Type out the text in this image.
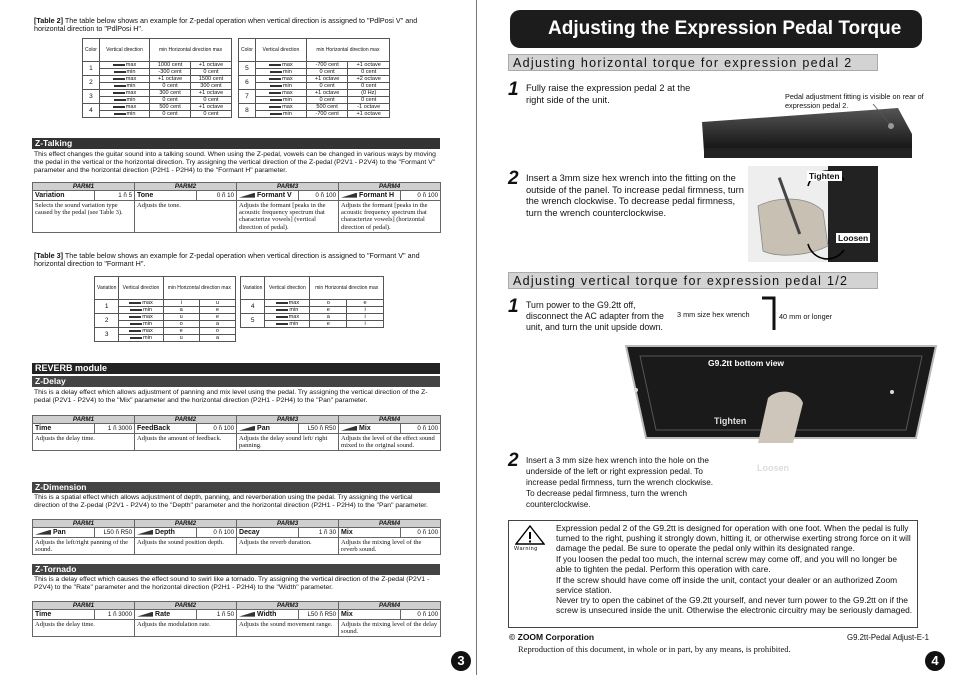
[Table 2] The table below shows an example for Z-pedal operation when vertical direction is assigned to "PdlPosi V" and horizontal direction to "PdlPosi H".
Color	Vertical direction	min Horizontal direction max	
1	max	1000 cent	+1 octave
	min	-300 cent	0 cent
2	max	+1 octave	1500 cent
	min	0 cent	300 cent
3	max	300 cent	+1 octave
	min	0 cent	0 cent
4	max	500 cent	+1 octave
	min	0 cent	0 cent
Color	Vertical direction	min Horizontal direction max	
5	max	-700 cent	+1 octave
	min	0 cent	0 cent
6	max	+1 octave	+2 octave
	min	0 cent	0 cent
7	max	+1 octave	(0 Hz)
	min	0 cent	0 cent
8	max	500 cent	-1 octave
	min	-700 cent	+1 octave
Z-Talking
This effect changes the guitar sound into a talking sound. When using the Z-pedal, vowels can be changed in various ways by moving the pedal in the vertical or the horizontal direction. Try assigning the vertical direction of the Z-pedal (P2V1 - P2V4) to the "Formant V" parameter and the horizontal direction (P2H1 - P2H4) to the "Formant H" parameter.
PARM1		PARM2		PARM3		PARM4	
Variation	1 ñ 5	Tone	0 ñ 10	Formant V	0 ñ 100	Formant H	0 ñ 100
Selects the sound variation type caused by the pedal (see Table 3).		Adjusts the tone.		Adjusts the formant [peaks in the acoustic frequency spectrum that characterize vowels] (vertical direction of pedal).		Adjusts the formant [peaks in the acoustic frequency spectrum that characterize vowels] (horizontal direction of pedal).	
[Table 3] The table below shows an example for Z-pedal operation when vertical direction is assigned to "Formant V" and horizontal direction to "Formant H".
Variation	Vertical direction	min Horizontal direction max	
1	max	i	u
	min	a	e
2	max	u	e
	min	o	a
3	max	e	o
	min	u	a
Variation	Vertical direction	min Horizontal direction max	
4	max	o	e
	min	e	i
5	max	a	i
	min	e	i
REVERB module
Z-Delay
This is a delay effect which allows adjustment of panning and mix level using the pedal. Try assigning the vertical direction of the Z-pedal (P2V1 - P2V4) to the "Mix" parameter and the horizontal direction (P2H1 - P2H4) to the "Pan" parameter.
PARM1		PARM2		PARM3		PARM4	
Time	1 ñ 3000	FeedBack	0 ñ 100	Pan	L50 ñ R50	Mix	0 ñ 100
Adjusts the delay time.		Adjusts the amount of feedback.		Adjusts the delay sound left/ right panning.		Adjusts the level of the effect sound mixed to the original sound.	
Z-Dimension
This is a spatial effect which allows adjustment of depth, panning, and reverberation using the pedal. Try assigning the vertical direction of the Z-pedal (P2V1 - P2V4) to the "Depth" parameter and the horizontal direction (P2H1 - P2H4) to the "Pan" parameter.
PARM1		PARM2		PARM3		PARM4	
Pan	L50 ñ R50	Depth	0 ñ 100	Decay	1 ñ 30	Mix	0 ñ 100
Adjusts the left/right panning of the sound.		Adjusts the sound position depth.		Adjusts the reverb duration.		Adjusts the mixing level of the reverb sound.	
Z-Tornado
This is a delay effect which causes the effect sound to swirl like a tornado. Try assigning the vertical direction of the Z-pedal (P2V1 - P2V4) to the "Rate" parameter and the horizontal direction (P2H1 - P2H4) to the "Width" parameter.
PARM1		PARM2		PARM3		PARM4	
Time	1 ñ 3000	Rate	1 ñ 50	Width	L50 ñ R50	Mix	0 ñ 100
Adjusts the delay time.		Adjusts the modulation rate.		Adjusts the sound movement range.		Adjusts the mixing level of the delay sound.	
3
Adjusting the Expression Pedal Torque
Adjusting horizontal torque for expression pedal 2
1 Fully raise the expression pedal 2 at the right side of the unit.	Pedal adjustment fitting is visible on rear of expression pedal 2.
2 Insert a 3mm size hex wrench into the fitting on the outside of the panel. To increase pedal firmness, turn the wrench clockwise. To decrease pedal firmness, turn the wrench counterclockwise.
Tighten
Loosen
Adjusting vertical torque for expression pedal 1/2
1 Turn power to the G9.2tt off, disconnect the AC adapter from the unit, and turn the unit upside down.
3 mm size hex wrench	40 mm or longer
G9.2tt bottom view
Tighten
Loosen
2 Insert a 3 mm size hex wrench into the hole on the underside of the left or right expression pedal. To increase pedal firmness, turn the wrench clockwise. To decrease pedal firmness, turn the wrench counterclockwise.
Warning
Expression pedal 2 of the G9.2tt is designed for operation with one foot. When the pedal is fully turned to the right, pushing it strongly down, hitting it, or otherwise exerting strong force on it will damage the pedal. Be sure to operate the pedal only within its designated range.
If you loosen the pedal too much, the internal screw may come off, and you will no longer be able to tighten the pedal. Perform this operation with care.
If the screw should have come off inside the unit, contact your dealer or an authorized Zoom service station.
Never try to open the cabinet of the G9.2tt yourself, and never turn power to the G9.2tt on if the screw is unsecured inside the unit. Otherwise the electronic circuitry may be seriously damaged.
© ZOOM Corporation	G9.2tt-Pedal Adjust-E-1
Reproduction of this document, in whole or in part, by any means, is prohibited.
4
